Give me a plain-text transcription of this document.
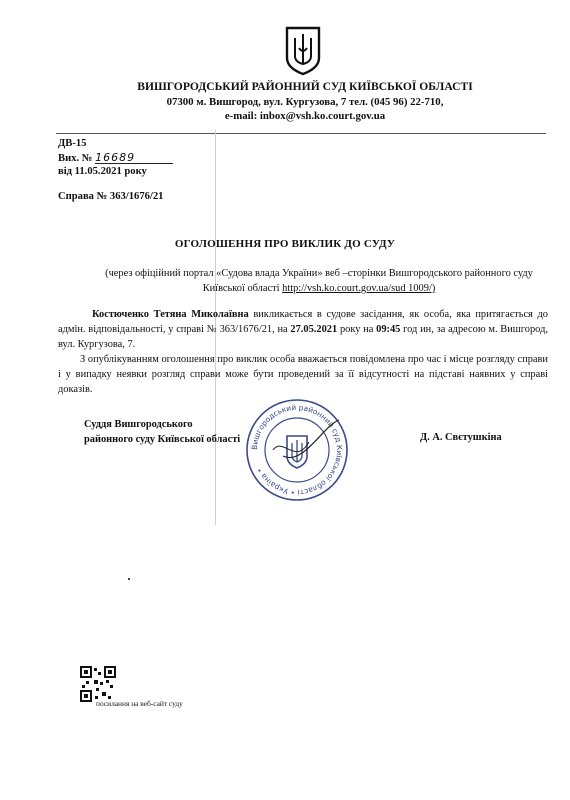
ВИШГОРОДСЬКИЙ РАЙОННИЙ СУД КИЇВСЬКОЇ ОБЛАСТІ
07300 м. Вишгород, вул. Кургузова, 7 тел. (045 96) 22-710,
e-mail: inbox@vsh.ko.court.gov.ua
ДВ-15
Вих. № 16689
від 11.05.2021 року
Справа № 363/1676/21
ОГОЛОШЕННЯ ПРО ВИКЛИК ДО СУДУ
(через офіційний портал «Судова влада України» веб –сторінки Вишгородського районного суду Київської області http://vsh.ko.court.gov.ua/sud 1009/)
Костюченко Тетяна Миколаївна викликається в судове засідання, як особа, яка притягається до адмін. відповідальності, у справі № 363/1676/21, на 27.05.2021 року на 09:45 год ин, за адресою м. Вишгород, вул. Кургузова, 7.
З опублікуванням оголошення про виклик особа вважається повідомлена про час і місце розгляду справи і у випадку неявки розгляд справи може бути проведений за її відсутності на підставі наявних у справі доказів.
Суддя Вишгородського
районного суду Київської області	Д. А. Свєтушкіна
Вишгородський районний суд Київської області • Україна •
посилання на веб-сайт суду
